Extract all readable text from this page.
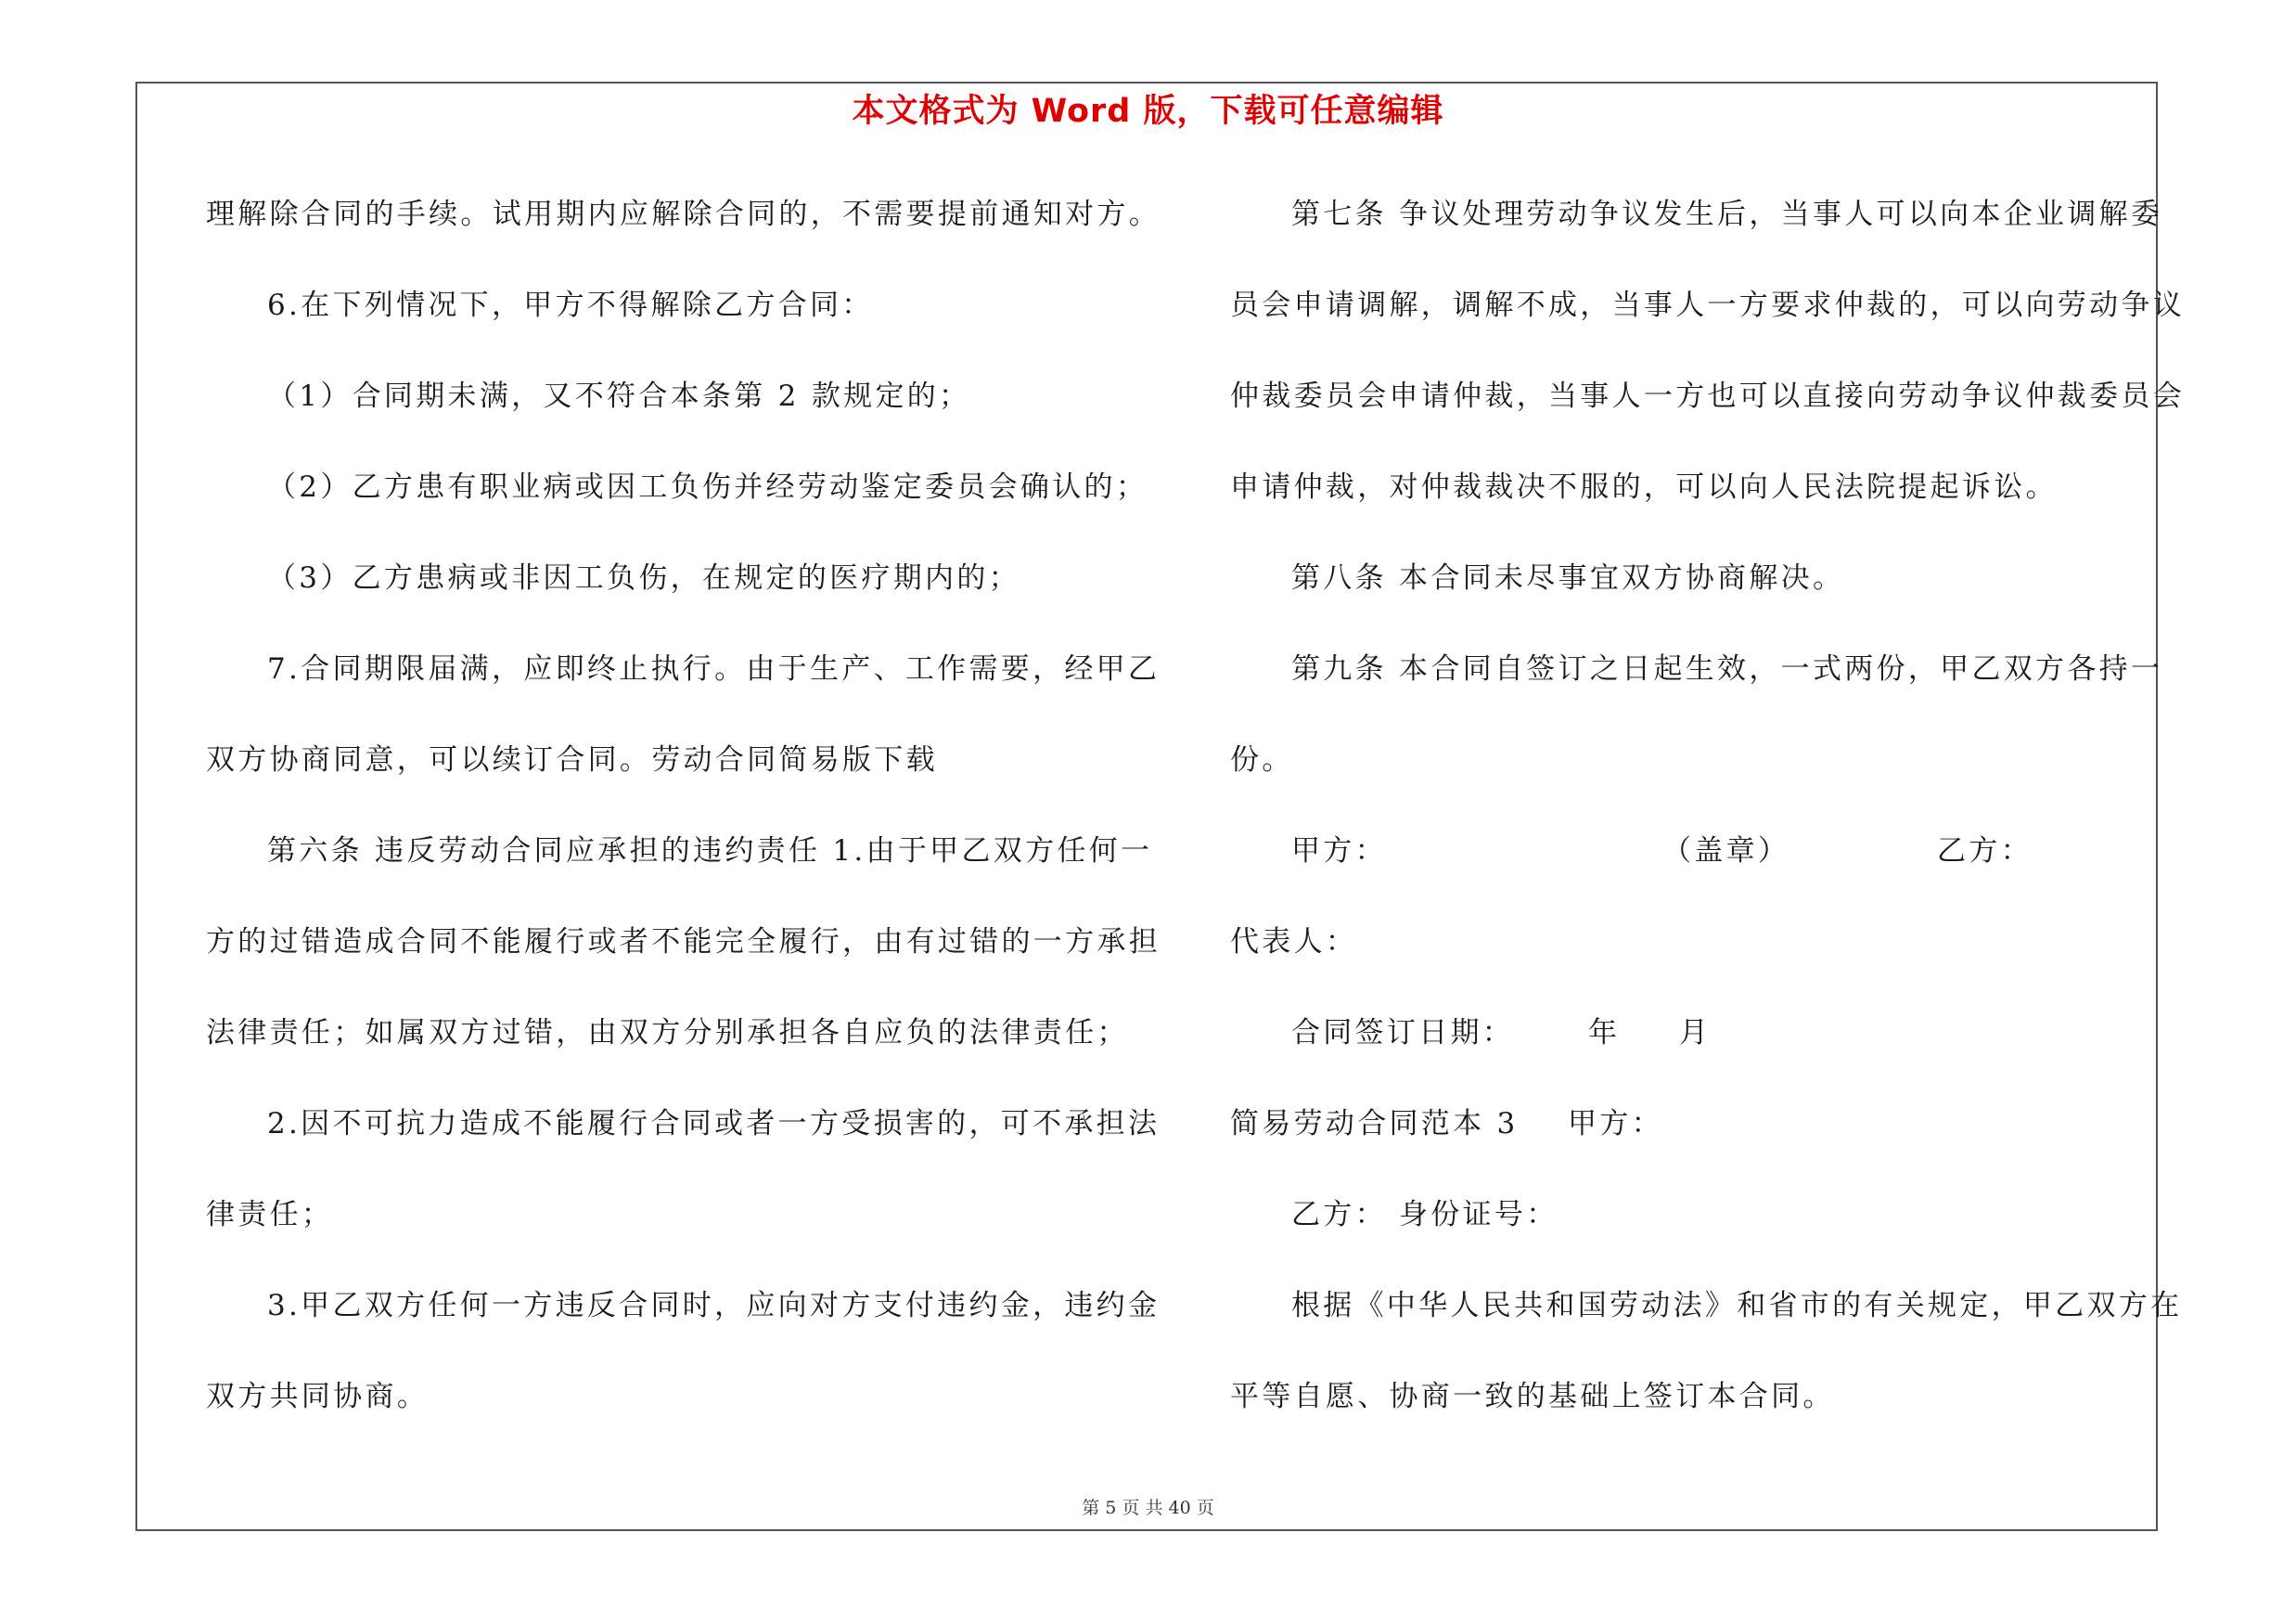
本文格式为 Word 版，下载可任意编辑
理解除合同的手续。试用期内应解除合同的，不需要提前通知对方。
6.在下列情况下，甲方不得解除乙方合同：
（1）合同期未满，又不符合本条第 2 款规定的；
（2）乙方患有职业病或因工负伤并经劳动鉴定委员会确认的；
（3）乙方患病或非因工负伤，在规定的医疗期内的；
7.合同期限届满，应即终止执行。由于生产、工作需要，经甲乙
双方协商同意，可以续订合同。劳动合同简易版下载
第六条 违反劳动合同应承担的违约责任 1.由于甲乙双方任何一
方的过错造成合同不能履行或者不能完全履行，由有过错的一方承担
法律责任；如属双方过错，由双方分别承担各自应负的法律责任；
2.因不可抗力造成不能履行合同或者一方受损害的，可不承担法
律责任；
3.甲乙双方任何一方违反合同时，应向对方支付违约金，违约金
双方共同协商。
第七条 争议处理劳动争议发生后，当事人可以向本企业调解委
员会申请调解，调解不成，当事人一方要求仲裁的，可以向劳动争议
仲裁委员会申请仲裁，当事人一方也可以直接向劳动争议仲裁委员会
申请仲裁，对仲裁裁决不服的，可以向人民法院提起诉讼。
第八条 本合同未尽事宜双方协商解决。
第九条 本合同自签订之日起生效，一式两份，甲乙双方各持一
份。
甲方：	（盖章）	乙方：
代表人：
合同签订日期：	年 月
简易劳动合同范本 3 甲方：
乙方： 身份证号：
根据《中华人民共和国劳动法》和省市的有关规定，甲乙双方在
平等自愿、协商一致的基础上签订本合同。
第 5 页 共 40 页
